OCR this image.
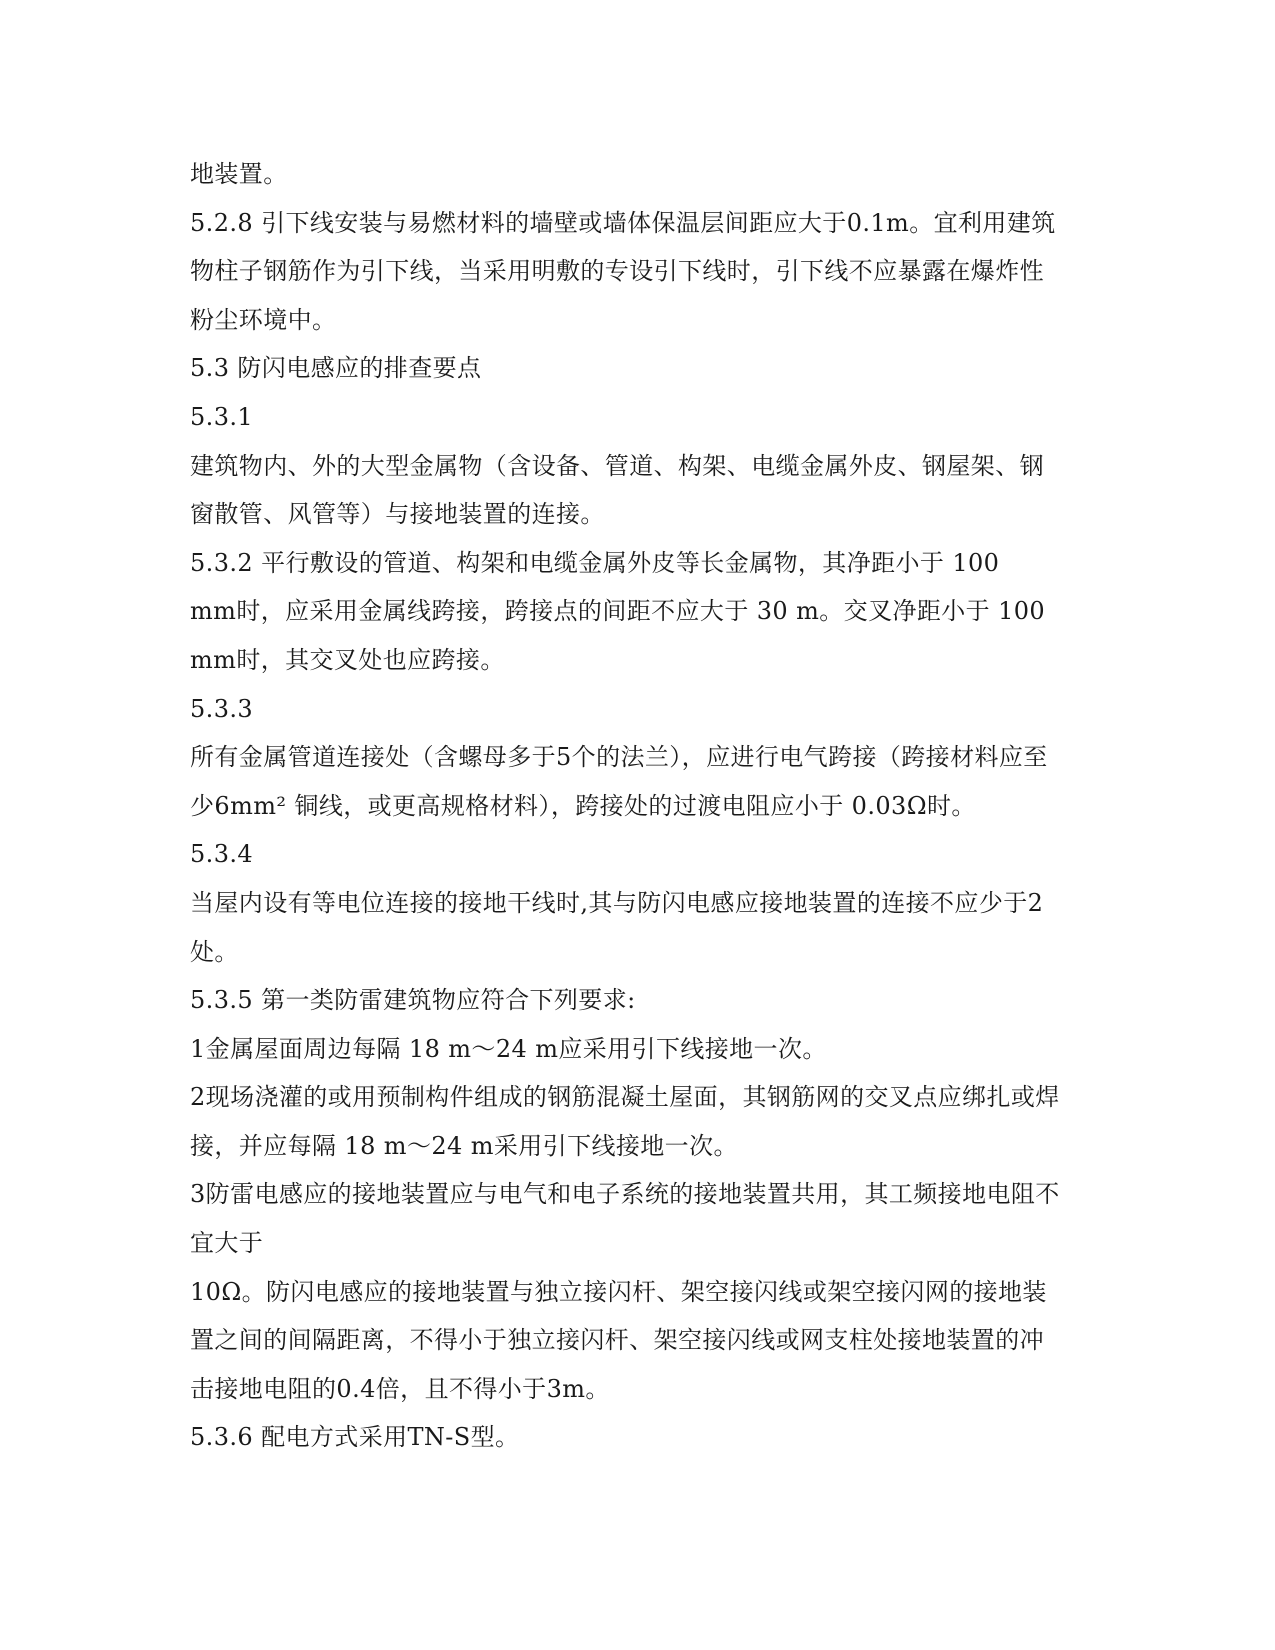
地装置。
5.2.8 引下线安装与易燃材料的墙壁或墙体保温层间距应大于0.1m。宜利用建筑
物柱子钢筋作为引下线，当采用明敷的专设引下线时，引下线不应暴露在爆炸性
粉尘环境中。
5.3 防闪电感应的排查要点
5.3.1
建筑物内、外的大型金属物（含设备、管道、构架、电缆金属外皮、钢屋架、钢
窗散管、风管等）与接地装置的连接。
5.3.2 平行敷设的管道、构架和电缆金属外皮等长金属物，其净距小于 100
mm时，应采用金属线跨接，跨接点的间距不应大于 30 m。交叉净距小于 100
mm时，其交叉处也应跨接。
5.3.3
所有金属管道连接处（含螺母多于5个的法兰），应进行电气跨接（跨接材料应至
少6mm² 铜线，或更高规格材料），跨接处的过渡电阻应小于 0.03Ω时。
5.3.4
当屋内设有等电位连接的接地干线时,其与防闪电感应接地装置的连接不应少于2
处。
5.3.5 第一类防雷建筑物应符合下列要求:
1金属屋面周边每隔 18 m～24 m应采用引下线接地一次。
2现场浇灌的或用预制构件组成的钢筋混凝土屋面，其钢筋网的交叉点应绑扎或焊
接，并应每隔 18 m～24 m采用引下线接地一次。
3防雷电感应的接地装置应与电气和电子系统的接地装置共用，其工频接地电阻不
宜大于
10Ω。防闪电感应的接地装置与独立接闪杆、架空接闪线或架空接闪网的接地装
置之间的间隔距离，不得小于独立接闪杆、架空接闪线或网支柱处接地装置的冲
击接地电阻的0.4倍，且不得小于3m。
5.3.6 配电方式采用TN-S型。
